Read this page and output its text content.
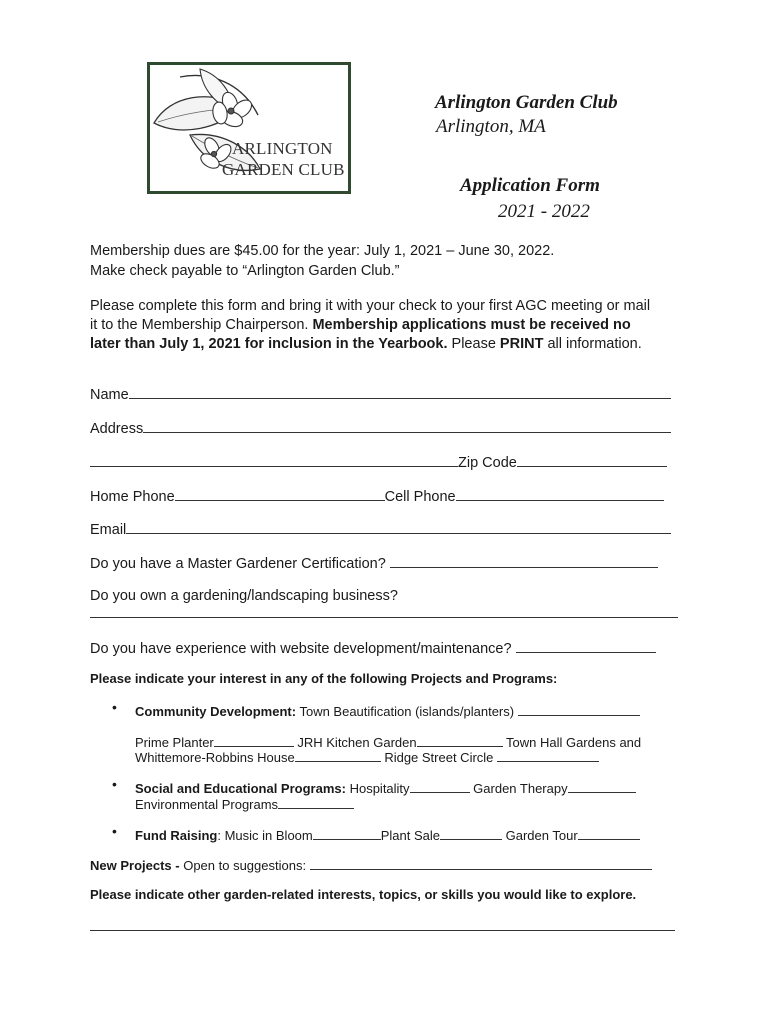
ARLINGTON
GARDEN CLUB
Arlington Garden Club
Arlington, MA
Application Form
2021 - 2022
Membership dues are $45.00 for the year: July 1, 2021 – June 30, 2022.
Make check payable to “Arlington Garden Club.”
Please complete this form and bring it with your check to your first AGC meeting or mail
it to the Membership Chairperson. Membership applications must be received no
later than July 1, 2021 for inclusion in the Yearbook. Please PRINT all information.
Name
Address
Zip Code
Home Phone	Cell Phone
Email
Do you have a Master Gardener Certification?
Do you own a gardening/landscaping business?
Do you have experience with website development/maintenance?
Please indicate your interest in any of the following Projects and Programs:
• Community Development: Town Beautification (islands/planters)
Prime Planter	JRH Kitchen Garden	Town Hall Gardens and
Whittemore-Robbins House	Ridge Street Circle
• Social and Educational Programs: Hospitality	Garden Therapy
Environmental Programs
• Fund Raising: Music in Bloom	Plant Sale	Garden Tour
New Projects - Open to suggestions:
Please indicate other garden-related interests, topics, or skills you would like to explore.
